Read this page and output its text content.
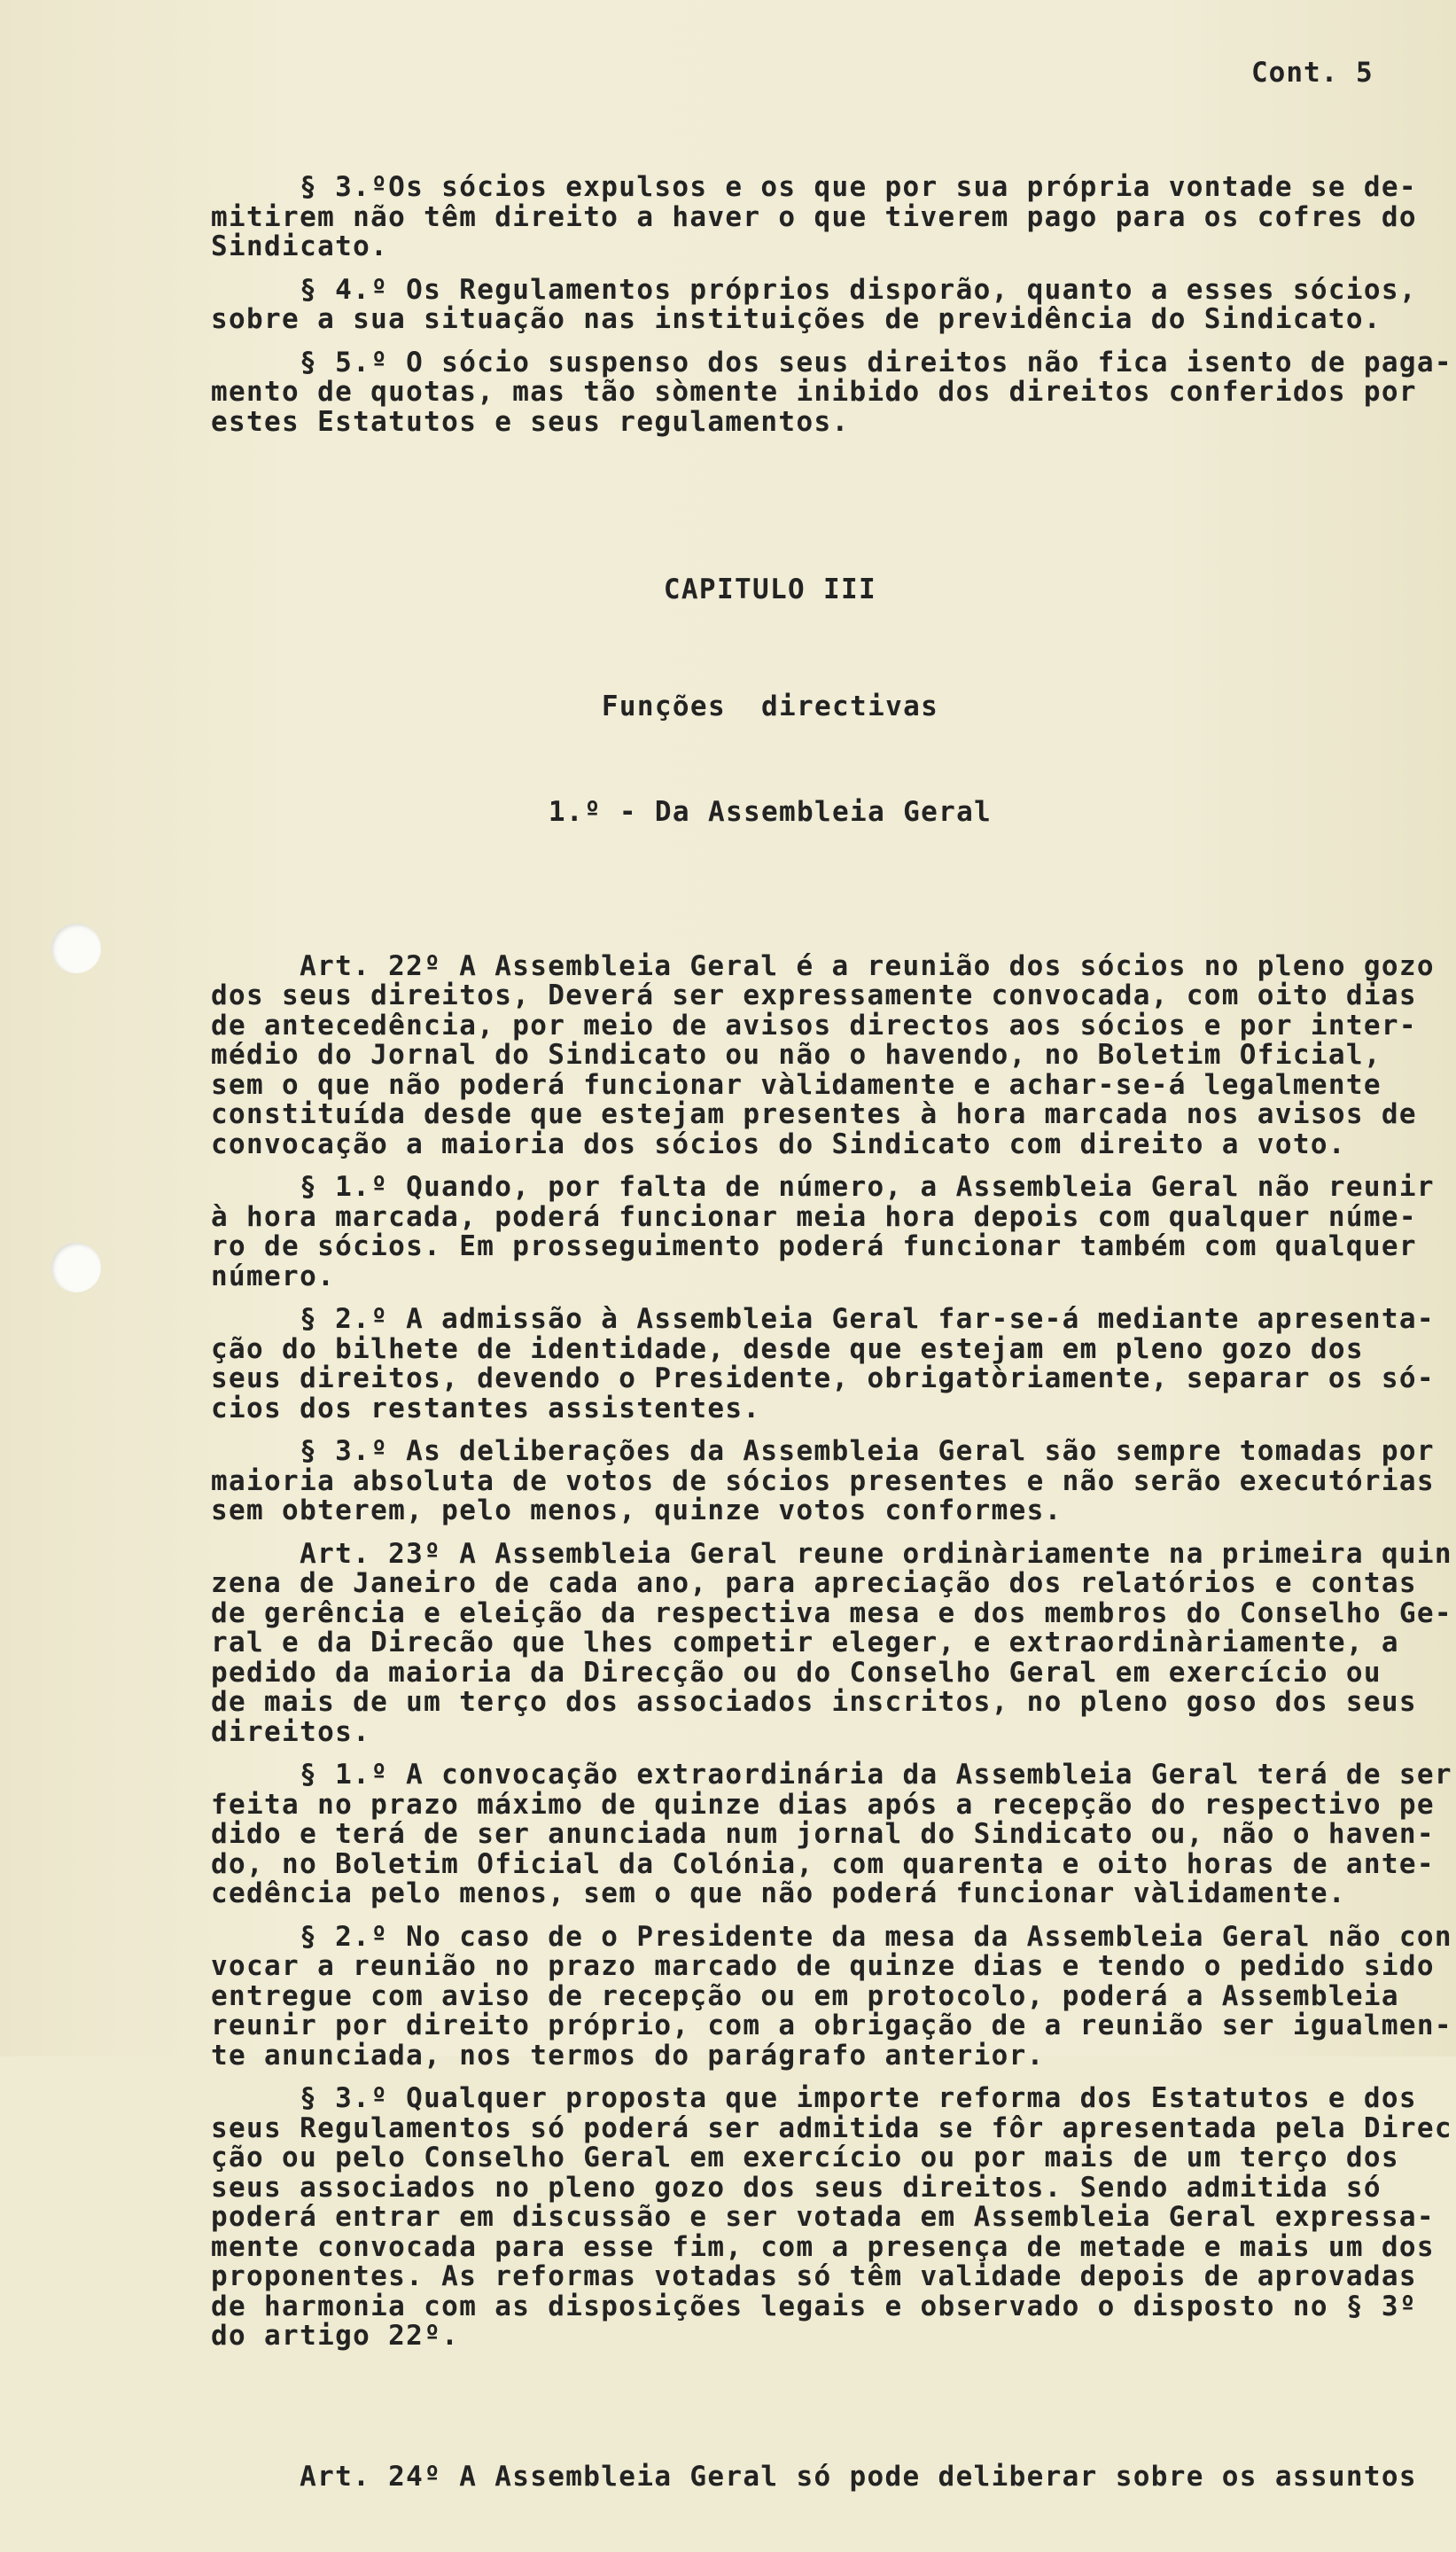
Cont. 5

§ 3.ºOs sócios expulsos e os que por sua própria vontade se de-
mitirem não têm direito a haver o que tiverem pago para os cofres do
Sindicato.
§ 4.º Os Regulamentos próprios disporão, quanto a esses sócios,
sobre a sua situação nas instituições de previdência do Sindicato.
§ 5.º O sócio suspenso dos seus direitos não fica isento de paga-
mento de quotas, mas tão sòmente inibido dos direitos conferidos por
estes Estatutos e seus regulamentos.

CAPITULO III

Funções  directivas

1.º - Da Assembleia Geral

Art. 22º A Assembleia Geral é a reunião dos sócios no pleno gozo
dos seus direitos, Deverá ser expressamente convocada, com oito dias
de antecedência, por meio de avisos directos aos sócios e por inter-
médio do Jornal do Sindicato ou não o havendo, no Boletim Oficial,
sem o que não poderá funcionar vàlidamente e achar-se-á legalmente
constituída desde que estejam presentes à hora marcada nos avisos de
convocação a maioria dos sócios do Sindicato com direito a voto.
§ 1.º Quando, por falta de número, a Assembleia Geral não reunir
à hora marcada, poderá funcionar meia hora depois com qualquer núme-
ro de sócios. Em prosseguimento poderá funcionar também com qualquer
número.
§ 2.º A admissão à Assembleia Geral far-se-á mediante apresenta-
ção do bilhete de identidade, desde que estejam em pleno gozo dos
seus direitos, devendo o Presidente, obrigatòriamente, separar os só-
cios dos restantes assistentes.
§ 3.º As deliberações da Assembleia Geral são sempre tomadas por
maioria absoluta de votos de sócios presentes e não serão executórias
sem obterem, pelo menos, quinze votos conformes.
Art. 23º A Assembleia Geral reune ordinàriamente na primeira quin
zena de Janeiro de cada ano, para apreciação dos relatórios e contas
de gerência e eleição da respectiva mesa e dos membros do Conselho Ge-
ral e da Direcão que lhes competir eleger, e extraordinàriamente, a
pedido da maioria da Direcção ou do Conselho Geral em exercício ou
de mais de um terço dos associados inscritos, no pleno goso dos seus
direitos.
§ 1.º A convocação extraordinária da Assembleia Geral terá de ser
feita no prazo máximo de quinze dias após a recepção do respectivo pe
dido e terá de ser anunciada num jornal do Sindicato ou, não o haven-
do, no Boletim Oficial da Colónia, com quarenta e oito horas de ante-
cedência pelo menos, sem o que não poderá funcionar vàlidamente.
§ 2.º No caso de o Presidente da mesa da Assembleia Geral não con
vocar a reunião no prazo marcado de quinze dias e tendo o pedido sido
entregue com aviso de recepção ou em protocolo, poderá a Assembleia
reunir por direito próprio, com a obrigação de a reunião ser igualmen-
te anunciada, nos termos do parágrafo anterior.
§ 3.º Qualquer proposta que importe reforma dos Estatutos e dos
seus Regulamentos só poderá ser admitida se fôr apresentada pela Direc
ção ou pelo Conselho Geral em exercício ou por mais de um terço dos
seus associados no pleno gozo dos seus direitos. Sendo admitida só
poderá entrar em discussão e ser votada em Assembleia Geral expressa-
mente convocada para esse fim, com a presença de metade e mais um dos
proponentes. As reformas votadas só têm validade depois de aprovadas
de harmonia com as disposições legais e observado o disposto no § 3º
do artigo 22º.

Art. 24º A Assembleia Geral só pode deliberar sobre os assuntos
